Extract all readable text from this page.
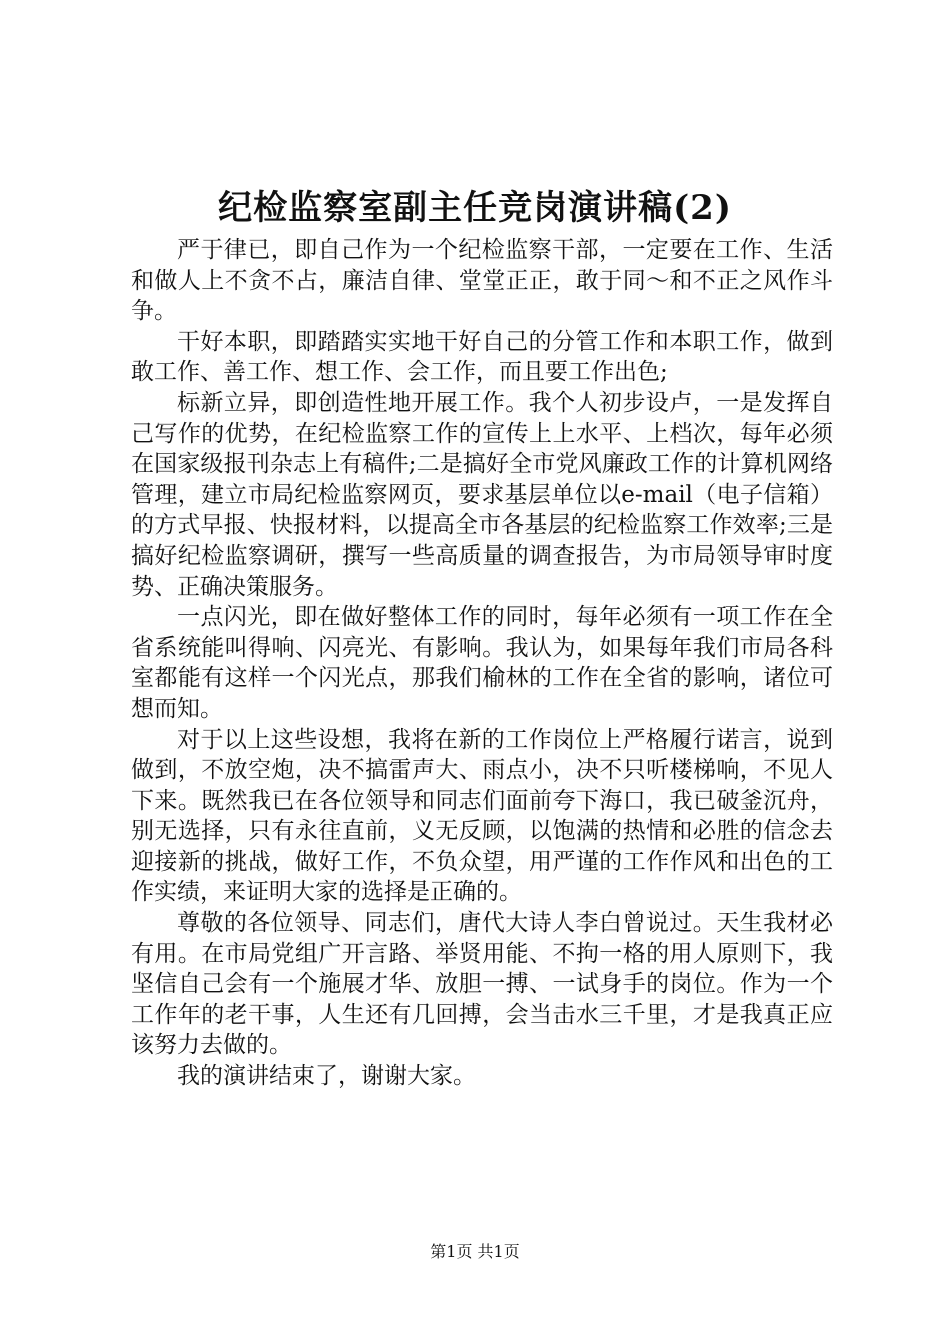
纪检监察室副主任竞岗演讲稿(2)

严于律已，即自己作为一个纪检监察干部，一定要在工作、生活和做人上不贪不占，廉洁自律、堂堂正正，敢于同～和不正之风作斗争。

干好本职，即踏踏实实地干好自己的分管工作和本职工作，做到敢工作、善工作、想工作、会工作，而且要工作出色;

标新立异，即创造性地开展工作。我个人初步设卢，一是发挥自己写作的优势，在纪检监察工作的宣传上上水平、上档次，每年必须在国家级报刊杂志上有稿件;二是搞好全市党风廉政工作的计算机网络管理，建立市局纪检监察网页，要求基层单位以e-mail（电子信箱）的方式早报、快报材料，以提高全市各基层的纪检监察工作效率;三是搞好纪检监察调研，撰写一些高质量的调查报告，为市局领导审时度势、正确决策服务。

一点闪光，即在做好整体工作的同时，每年必须有一项工作在全省系统能叫得响、闪亮光、有影响。我认为，如果每年我们市局各科室都能有这样一个闪光点，那我们榆林的工作在全省的影响，诸位可想而知。

对于以上这些设想，我将在新的工作岗位上严格履行诺言，说到做到，不放空炮，决不搞雷声大、雨点小，决不只听楼梯响，不见人下来。既然我已在各位领导和同志们面前夸下海口，我已破釜沉舟，别无选择，只有永往直前，义无反顾，以饱满的热情和必胜的信念去迎接新的挑战，做好工作，不负众望，用严谨的工作作风和出色的工作实绩，来证明大家的选择是正确的。

尊敬的各位领导、同志们，唐代大诗人李白曾说过。天生我材必有用。在市局党组广开言路、举贤用能、不拘一格的用人原则下，我坚信自己会有一个施展才华、放胆一搏、一试身手的岗位。作为一个工作年的老干事，人生还有几回搏，会当击水三千里，才是我真正应该努力去做的。

我的演讲结束了，谢谢大家。

第1页 共1页
